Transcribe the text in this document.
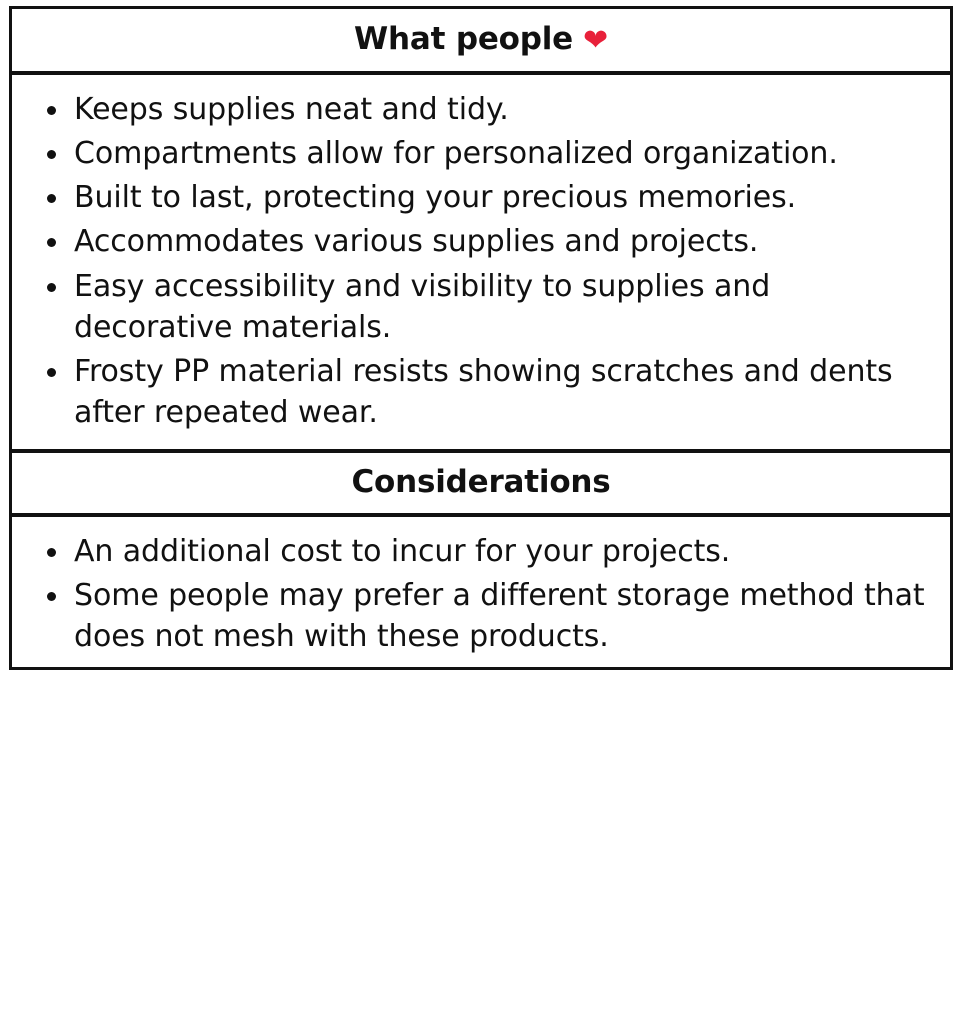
What people ❤
Keeps supplies neat and tidy.
Compartments allow for personalized organization.
Built to last, protecting your precious memories.
Accommodates various supplies and projects.
Easy accessibility and visibility to supplies and decorative materials.
Frosty PP material resists showing scratches and dents after repeated wear.
Considerations
An additional cost to incur for your projects.
Some people may prefer a different storage method that does not mesh with these products.
